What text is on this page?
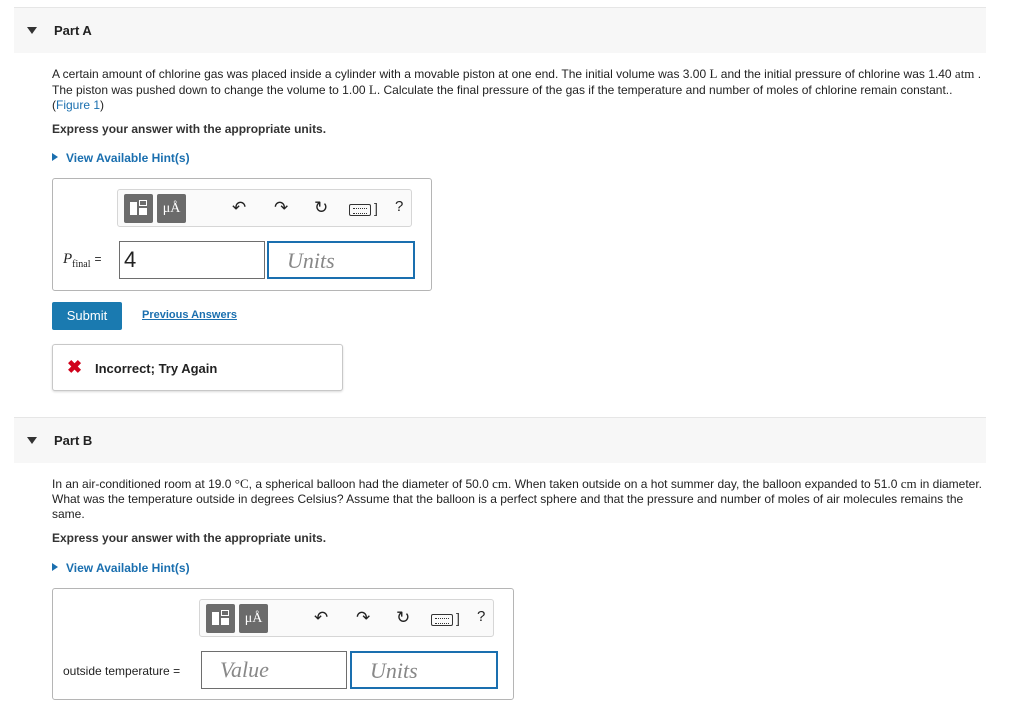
Part A
A certain amount of chlorine gas was placed inside a cylinder with a movable piston at one end. The initial volume was 3.00 L and the initial pressure of chlorine was 1.40 atm . The piston was pushed down to change the volume to 1.00 L. Calculate the final pressure of the gas if the temperature and number of moles of chlorine remain constant.. (Figure 1)
Express your answer with the appropriate units.
View Available Hint(s)
μÅ	↶ ↷ ↻	] ?
$P_{final} = 4$	Units
Submit	Previous Answers
✖ Incorrect; Try Again
Part B
In an air-conditioned room at 19.0 °C, a spherical balloon had the diameter of 50.0 cm. When taken outside on a hot summer day, the balloon expanded to 51.0 cm in diameter. What was the temperature outside in degrees Celsius? Assume that the balloon is a perfect sphere and that the pressure and number of moles of air molecules remains the same.
Express your answer with the appropriate units.
View Available Hint(s)
μÅ	↶ ↷ ↻	] ?
outside temperature =	Value	Units
